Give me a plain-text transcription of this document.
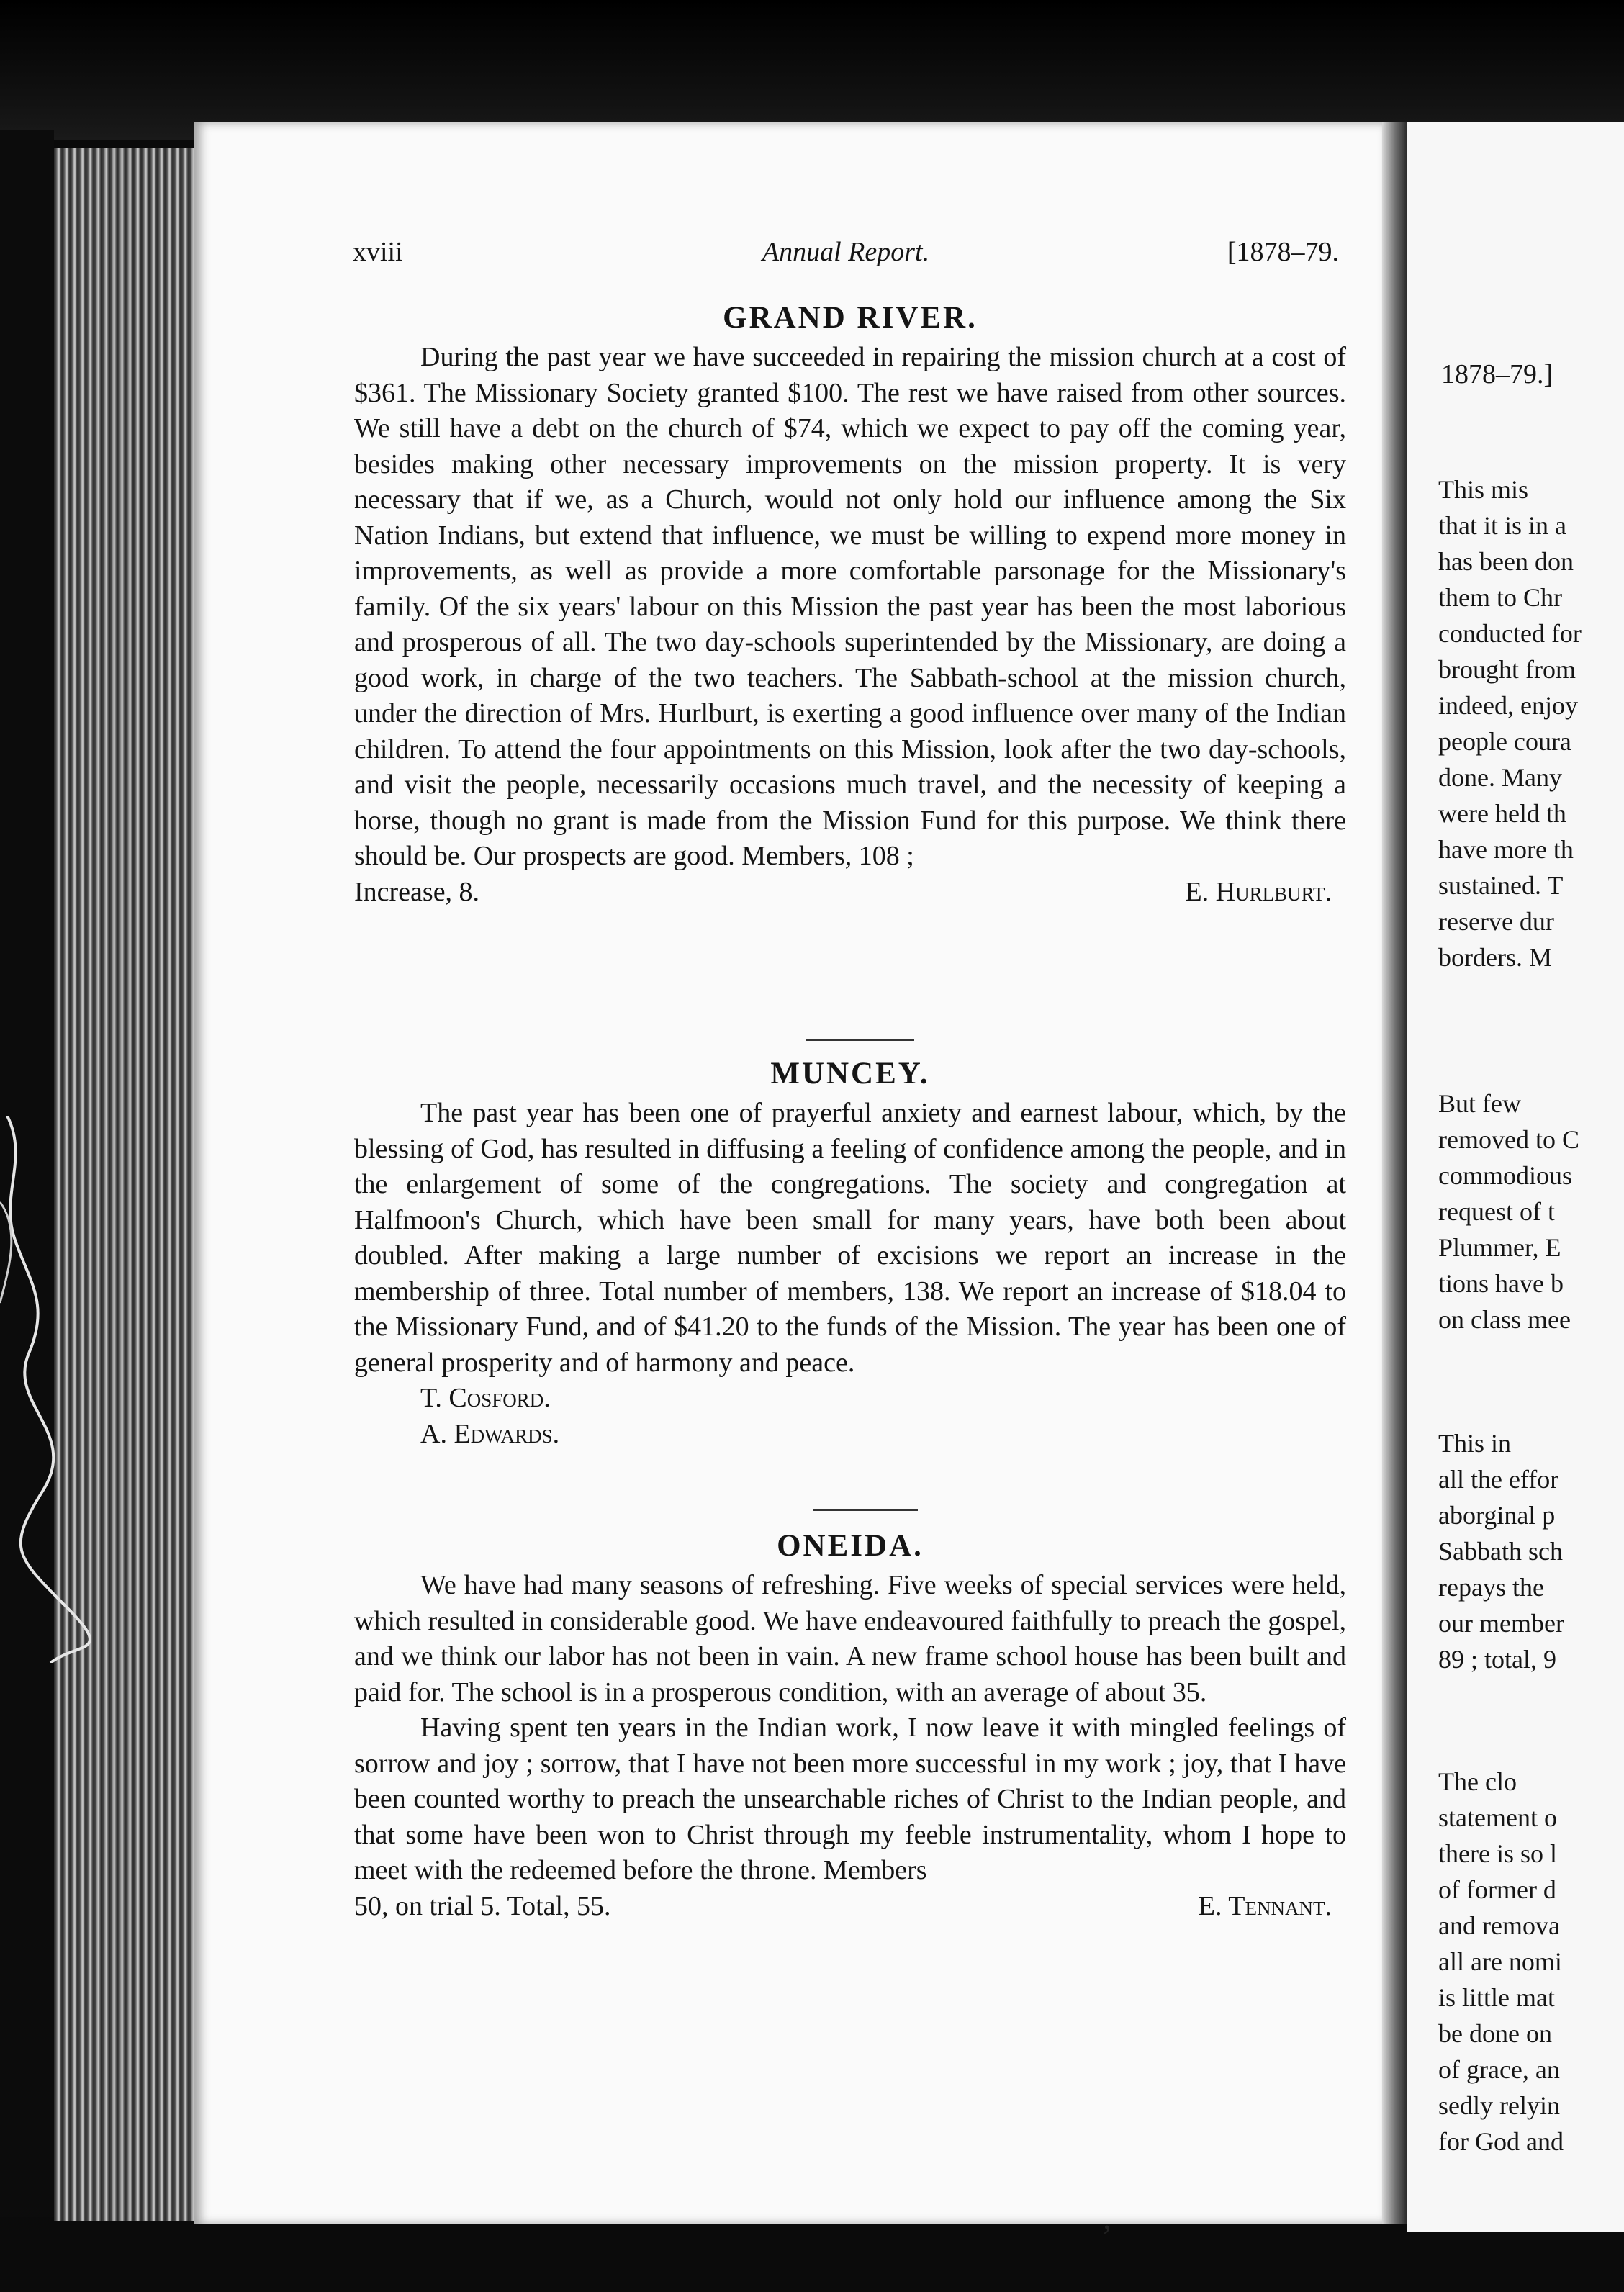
1878–79.]
This mis
that it is in a
has been don
them to Chr
conducted for
brought from
indeed, enjoy
people coura
done. Many
were held th
have more th
sustained. T
reserve dur
borders. M
But few
removed to C
commodious
request of t
Plummer, E
tions have b
on class mee
This in
all the effor
aborginal p
Sabbath sch
repays the
our member
89 ; total, 9
The clo
statement o
there is so l
of former d
and remova
all are nomi
is little mat
be done on
of grace, an
sedly relyin
for God and
xviii	Annual Report.	[1878–79.
GRAND RIVER.

During the past year we have succeeded in repairing the mission church at a cost of $361. The Missionary Society granted $100. The rest we have raised from other sources. We still have a debt on the church of $74, which we expect to pay off the coming year, besides making other necessary improvements on the mission property. It is very necessary that if we, as a Church, would not only hold our influence among the Six Nation Indians, but extend that influence, we must be willing to expend more money in improvements, as well as provide a more comfortable parsonage for the Missionary's family. Of the six years' labour on this Mission the past year has been the most laborious and prosperous of all. The two day-schools superintended by the Missionary, are doing a good work, in charge of the two teachers. The Sabbath-school at the mission church, under the direction of Mrs. Hurlburt, is exerting a good influence over many of the Indian children. To attend the four appointments on this Mission, look after the two day-schools, and visit the people, necessarily occasions much travel, and the necessity of keeping a horse, though no grant is made from the Mission Fund for this purpose. We think there should be. Our prospects are good. Members, 108 ;

Increase, 8.	E. Hurlburt.
MUNCEY.

The past year has been one of prayerful anxiety and earnest labour, which, by the blessing of God, has resulted in diffusing a feeling of confidence among the people, and in the enlargement of some of the congregations. The society and congregation at Halfmoon's Church, which have been small for many years, have both been about doubled. After making a large number of excisions we report an increase in the membership of three. Total number of members, 138. We report an increase of $18.04 to the Missionary Fund, and of $41.20 to the funds of the Mission. The year has been one of general prosperity and of harmony and peace.

T. Cosford.

A. Edwards.

ONEIDA.

We have had many seasons of refreshing. Five weeks of special services were held, which resulted in considerable good. We have endeavoured faithfully to preach the gospel, and we think our labor has not been in vain. A new frame school house has been built and paid for. The school is in a prosperous condition, with an average of about 35.

Having spent ten years in the Indian work, I now leave it with mingled feelings of sorrow and joy ; sorrow, that I have not been more successful in my work ; joy, that I have been counted worthy to preach the unsearchable riches of Christ to the Indian people, and that some have been won to Christ through my feeble instrumentality, whom I hope to meet with the redeemed before the throne. Members

50, on trial 5. Total, 55.	E. Tennant.
ʼ
